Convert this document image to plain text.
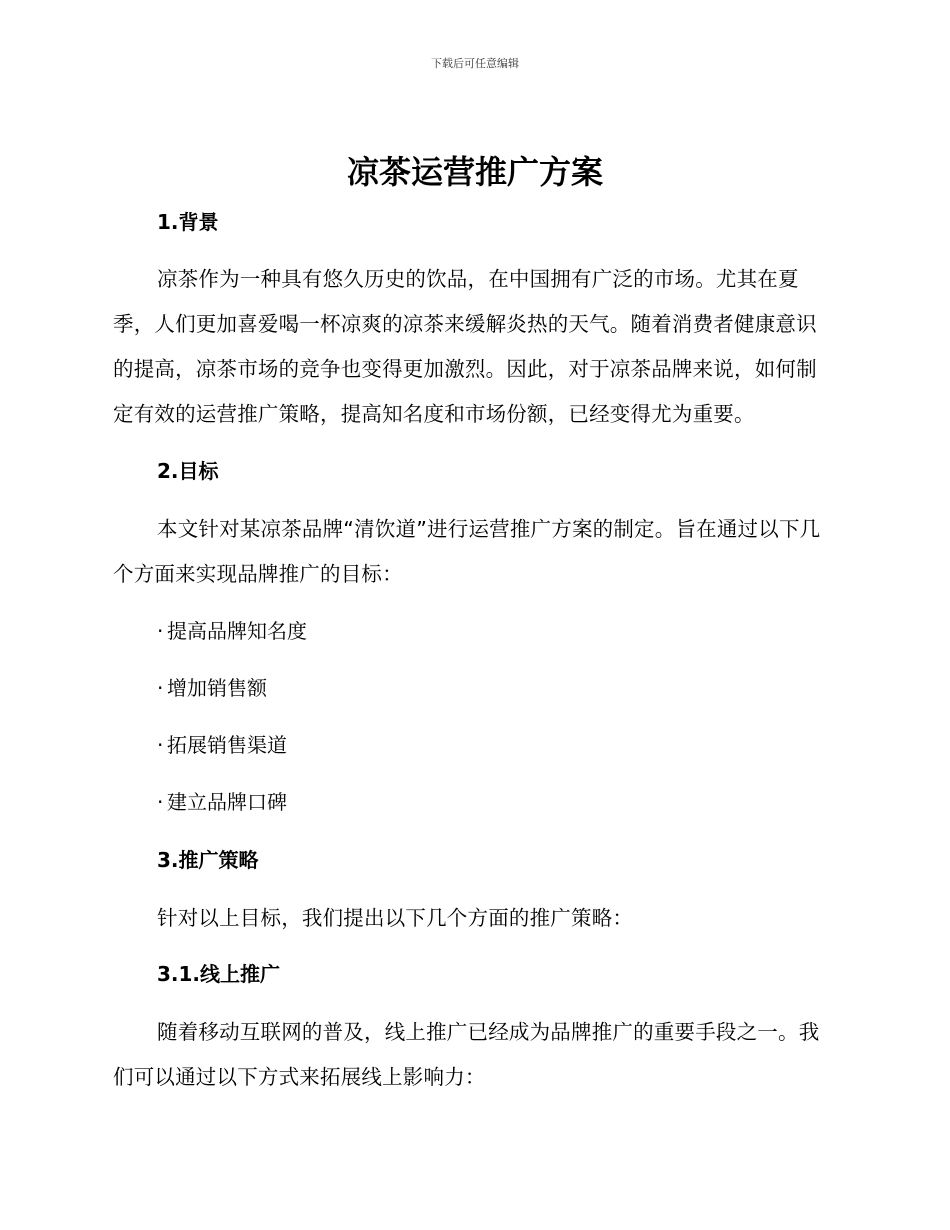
下载后可任意编辑
凉茶运营推广方案
1.背景
凉茶作为一种具有悠久历史的饮品，在中国拥有广泛的市场。尤其在夏季，人们更加喜爱喝一杯凉爽的凉茶来缓解炎热的天气。随着消费者健康意识的提高，凉茶市场的竞争也变得更加激烈。因此，对于凉茶品牌来说，如何制定有效的运营推广策略，提高知名度和市场份额，已经变得尤为重要。
2.目标
本文针对某凉茶品牌“清饮道”进行运营推广方案的制定。旨在通过以下几个方面来实现品牌推广的目标：
· 提高品牌知名度
· 增加销售额
· 拓展销售渠道
· 建立品牌口碑
3.推广策略
针对以上目标，我们提出以下几个方面的推广策略：
3.1.线上推广
随着移动互联网的普及，线上推广已经成为品牌推广的重要手段之一。我们可以通过以下方式来拓展线上影响力：
